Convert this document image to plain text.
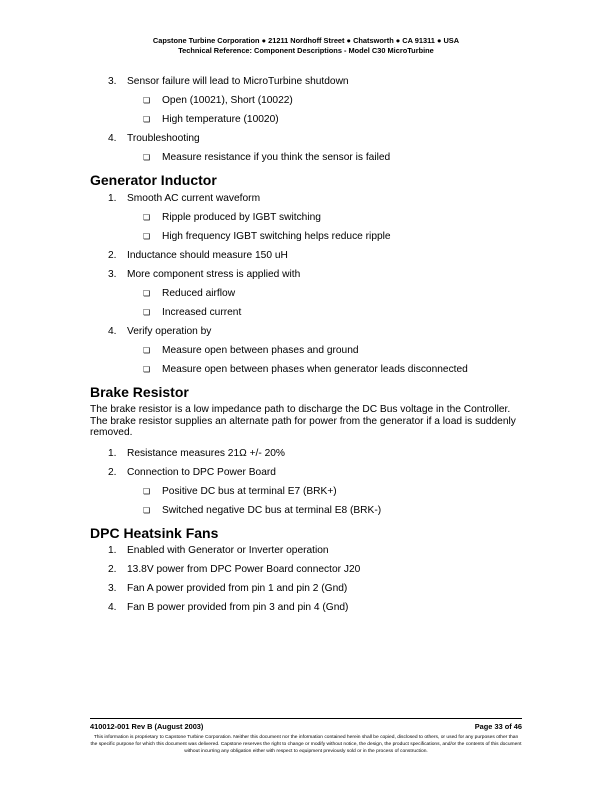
Capstone Turbine Corporation ● 21211 Nordhoff Street ● Chatsworth ● CA 91311 ● USA
Technical Reference: Component Descriptions - Model C30 MicroTurbine

3. Sensor failure will lead to MicroTurbine shutdown

❏ Open (10021), Short (10022)

❏ High temperature (10020)

4. Troubleshooting

❏ Measure resistance if you think the sensor is failed

Generator Inductor

1. Smooth AC current waveform

❏ Ripple produced by IGBT switching

❏ High frequency IGBT switching helps reduce ripple

2. Inductance should measure 150 uH

3. More component stress is applied with

❏ Reduced airflow

❏ Increased current

4. Verify operation by

❏ Measure open between phases and ground

❏ Measure open between phases when generator leads disconnected

Brake Resistor

The brake resistor is a low impedance path to discharge the DC Bus voltage in the Controller. The brake resistor supplies an alternate path for power from the generator if a load is suddenly removed.

1. Resistance measures 21Ω +/- 20%

2. Connection to DPC Power Board

❏ Positive DC bus at terminal E7 (BRK+)

❏ Switched negative DC bus at terminal E8 (BRK-)

DPC Heatsink Fans

1. Enabled with Generator or Inverter operation

2. 13.8V power from DPC Power Board connector J20

3. Fan A power provided from pin 1 and pin 2 (Gnd)

4. Fan B power provided from pin 3 and pin 4 (Gnd)

410012-001 Rev B (August 2003)	Page 33 of 46
This information is proprietary to Capstone Turbine Corporation. Neither this document nor the information contained herein shall be copied, disclosed to others, or used for any purposes other than the specific purpose for which this document was delivered. Capstone reserves the right to change or modify without notice, the design, the product specifications, and/or the contents of this document without incurring any obligation either with respect to equipment previously sold or in the process of construction.
